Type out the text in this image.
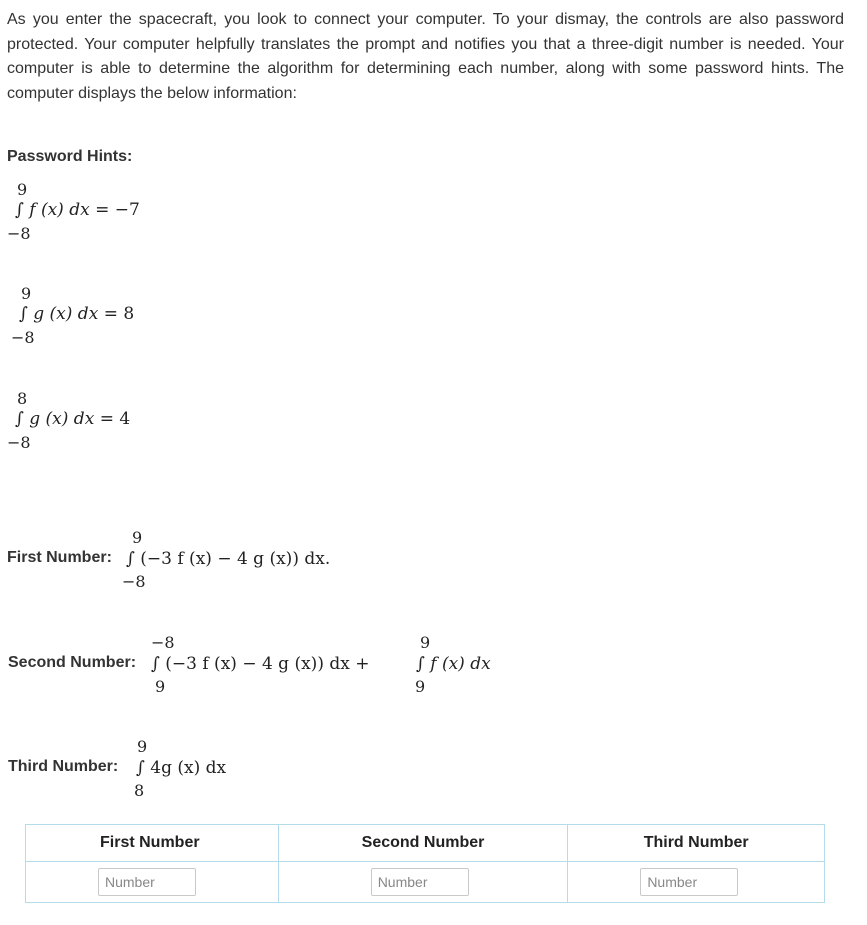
As you enter the spacecraft, you look to connect your computer. To your dismay, the controls are also password protected. Your computer helpfully translates the prompt and notifies you that a three-digit number is needed. Your computer is able to determine the algorithm for determining each number, along with some password hints. The computer displays the below information:

Password Hints:
9
∫ f (x) dx = −7
−8
9
∫ g (x) dx = 8
−8
8
∫ g (x) dx = 4
−8
First Number:
9
∫ (−3 f (x) − 4 g (x)) dx.
−8
Second Number:
−8
∫ (−3 f (x) − 4 g (x)) dx +
9
9
∫ f (x) dx
9
Third Number:
9
∫ 4g (x) dx
8
First Number	Second Number	Third Number
Number	Number	Number
